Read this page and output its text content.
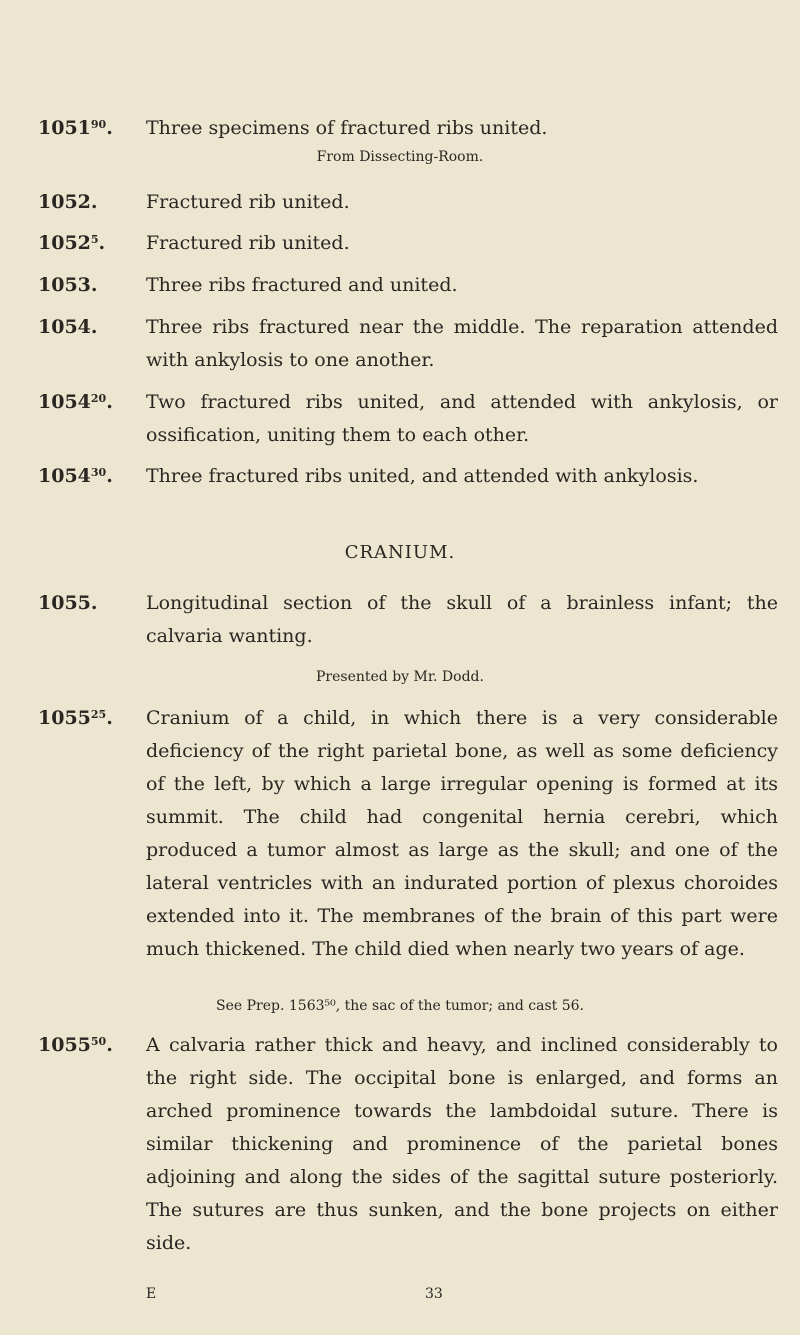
1051$^{90}$.	Three specimens of fractured ribs united.
From Dissecting-Room.
1052.	Fractured rib united.
1052$^5$.	Fractured rib united.
1053.	Three ribs fractured and united.
1054.	Three ribs fractured near the middle. The reparation attended with ankylosis to one another.
1054$^{20}$.	Two fractured ribs united, and attended with ankylosis, or ossification, uniting them to each other.
1054$^{30}$.	Three fractured ribs united, and attended with ankylosis.
CRANIUM.
1055.	Longitudinal section of the skull of a brainless infant; the calvaria wanting.
Presented by Mr. Dodd.
1055$^{25}$.	Cranium of a child, in which there is a very considerable deficiency of the right parietal bone, as well as some deficiency of the left, by which a large irregular opening is formed at its summit. The child had congenital hernia cerebri, which produced a tumor almost as large as the skull; and one of the lateral ventricles with an indurated portion of plexus choroides extended into it. The membranes of the brain of this part were much thickened. The child died when nearly two years of age.
See Prep. 1563⁵⁰, the sac of the tumor; and cast 56.
1055$^{50}$.	A calvaria rather thick and heavy, and inclined considerably to the right side. The occipital bone is enlarged, and forms an arched prominence towards the lambdoidal suture. There is similar thickening and prominence of the parietal bones adjoining and along the sides of the sagittal suture posteriorly. The sutures are thus sunken, and the bone projects on either side.
E	33
